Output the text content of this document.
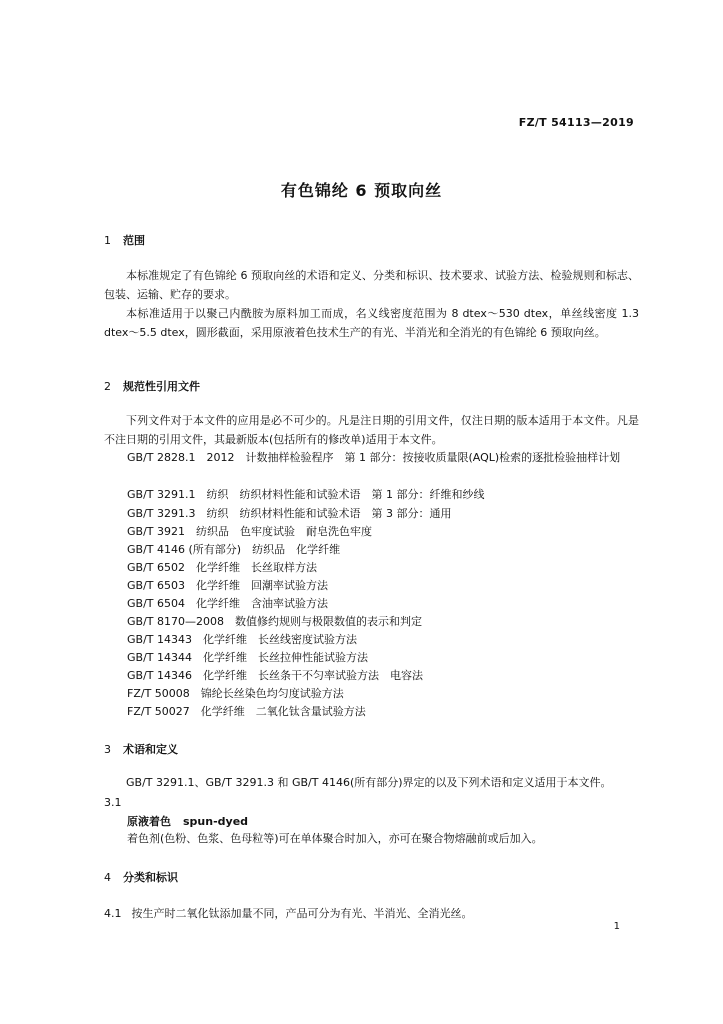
FZ/T 54113—2019
有色锦纶 6 预取向丝
1 范围
本标准规定了有色锦纶 6 预取向丝的术语和定义、分类和标识、技术要求、试验方法、检验规则和标志、包装、运输、贮存的要求。
本标准适用于以聚己内酰胺为原料加工而成，名义线密度范围为 8 dtex～530 dtex，单丝线密度 1.3 dtex～5.5 dtex，圆形截面，采用原液着色技术生产的有光、半消光和全消光的有色锦纶 6 预取向丝。
2 规范性引用文件
下列文件对于本文件的应用是必不可少的。凡是注日期的引用文件，仅注日期的版本适用于本文件。凡是不注日期的引用文件，其最新版本(包括所有的修改单)适用于本文件。
GB/T 2828.1　2012　计数抽样检验程序　第 1 部分：按接收质量限(AQL)检索的逐批检验抽样计划
GB/T 3291.1　纺织　纺织材料性能和试验术语　第 1 部分：纤维和纱线
GB/T 3291.3　纺织　纺织材料性能和试验术语　第 3 部分：通用
GB/T 3921　纺织品　色牢度试验　耐皂洗色牢度
GB/T 4146 (所有部分)　纺织品　化学纤维
GB/T 6502　化学纤维　长丝取样方法
GB/T 6503　化学纤维　回潮率试验方法
GB/T 6504　化学纤维　含油率试验方法
GB/T 8170—2008　数值修约规则与极限数值的表示和判定
GB/T 14343　化学纤维　长丝线密度试验方法
GB/T 14344　化学纤维　长丝拉伸性能试验方法
GB/T 14346　化学纤维　长丝条干不匀率试验方法　电容法
FZ/T 50008　锦纶长丝染色均匀度试验方法
FZ/T 50027　化学纤维　二氧化钛含量试验方法
3 术语和定义
GB/T 3291.1、GB/T 3291.3 和 GB/T 4146(所有部分)界定的以及下列术语和定义适用于本文件。
3.1
原液着色 spun-dyed
着色剂(色粉、色浆、色母粒等)可在单体聚合时加入，亦可在聚合物熔融前或后加入。
4 分类和标识
4.1 按生产时二氧化钛添加量不同，产品可分为有光、半消光、全消光丝。
1
